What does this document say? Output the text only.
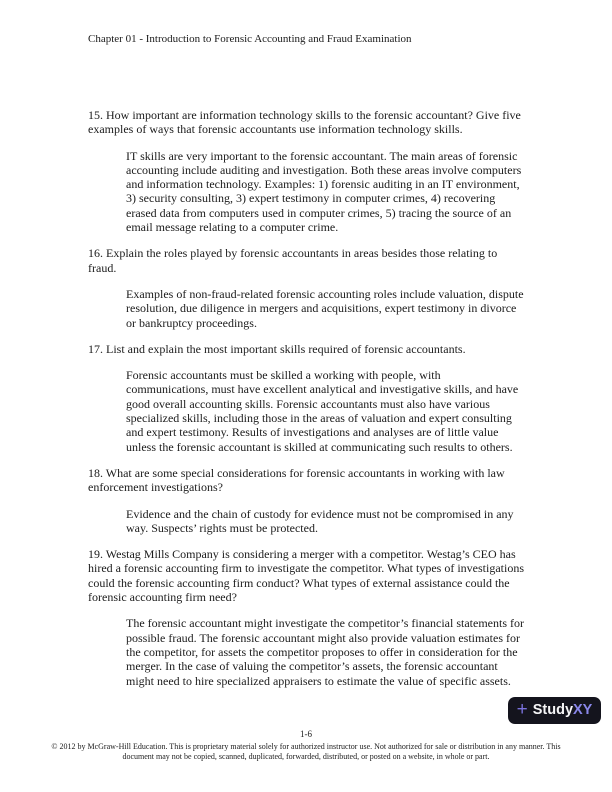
Chapter 01 - Introduction to Forensic Accounting and Fraud Examination

15. How important are information technology skills to the forensic accountant? Give five examples of ways that forensic accountants use information technology skills.

IT skills are very important to the forensic accountant. The main areas of forensic accounting include auditing and investigation. Both these areas involve computers and information technology. Examples: 1) forensic auditing in an IT environment, 3) security consulting, 3) expert testimony in computer crimes, 4) recovering erased data from computers used in computer crimes, 5) tracing the source of an email message relating to a computer crime.

16. Explain the roles played by forensic accountants in areas besides those relating to fraud.

Examples of non-fraud-related forensic accounting roles include valuation, dispute resolution, due diligence in mergers and acquisitions, expert testimony in divorce or bankruptcy proceedings.

17. List and explain the most important skills required of forensic accountants.

Forensic accountants must be skilled a working with people, with communications, must have excellent analytical and investigative skills, and have good overall accounting skills. Forensic accountants must also have various specialized skills, including those in the areas of valuation and expert consulting and expert testimony. Results of investigations and analyses are of little value unless the forensic accountant is skilled at communicating such results to others.

18. What are some special considerations for forensic accountants in working with law enforcement investigations?

Evidence and the chain of custody for evidence must not be compromised in any way. Suspects’ rights must be protected.

19. Westag Mills Company is considering a merger with a competitor. Westag’s CEO has hired a forensic accounting firm to investigate the competitor. What types of investigations could the forensic accounting firm conduct? What types of external assistance could the forensic accounting firm need?

The forensic accountant might investigate the competitor’s financial statements for possible fraud. The forensic accountant might also provide valuation estimates for the competitor, for assets the competitor proposes to offer in consideration for the merger. In the case of valuing the competitor’s assets, the forensic accountant might need to hire specialized appraisers to estimate the value of specific assets.

+ StudyXY
1-6
© 2012 by McGraw-Hill Education. This is proprietary material solely for authorized instructor use. Not authorized for sale or distribution in any manner. This document may not be copied, scanned, duplicated, forwarded, distributed, or posted on a website, in whole or part.
